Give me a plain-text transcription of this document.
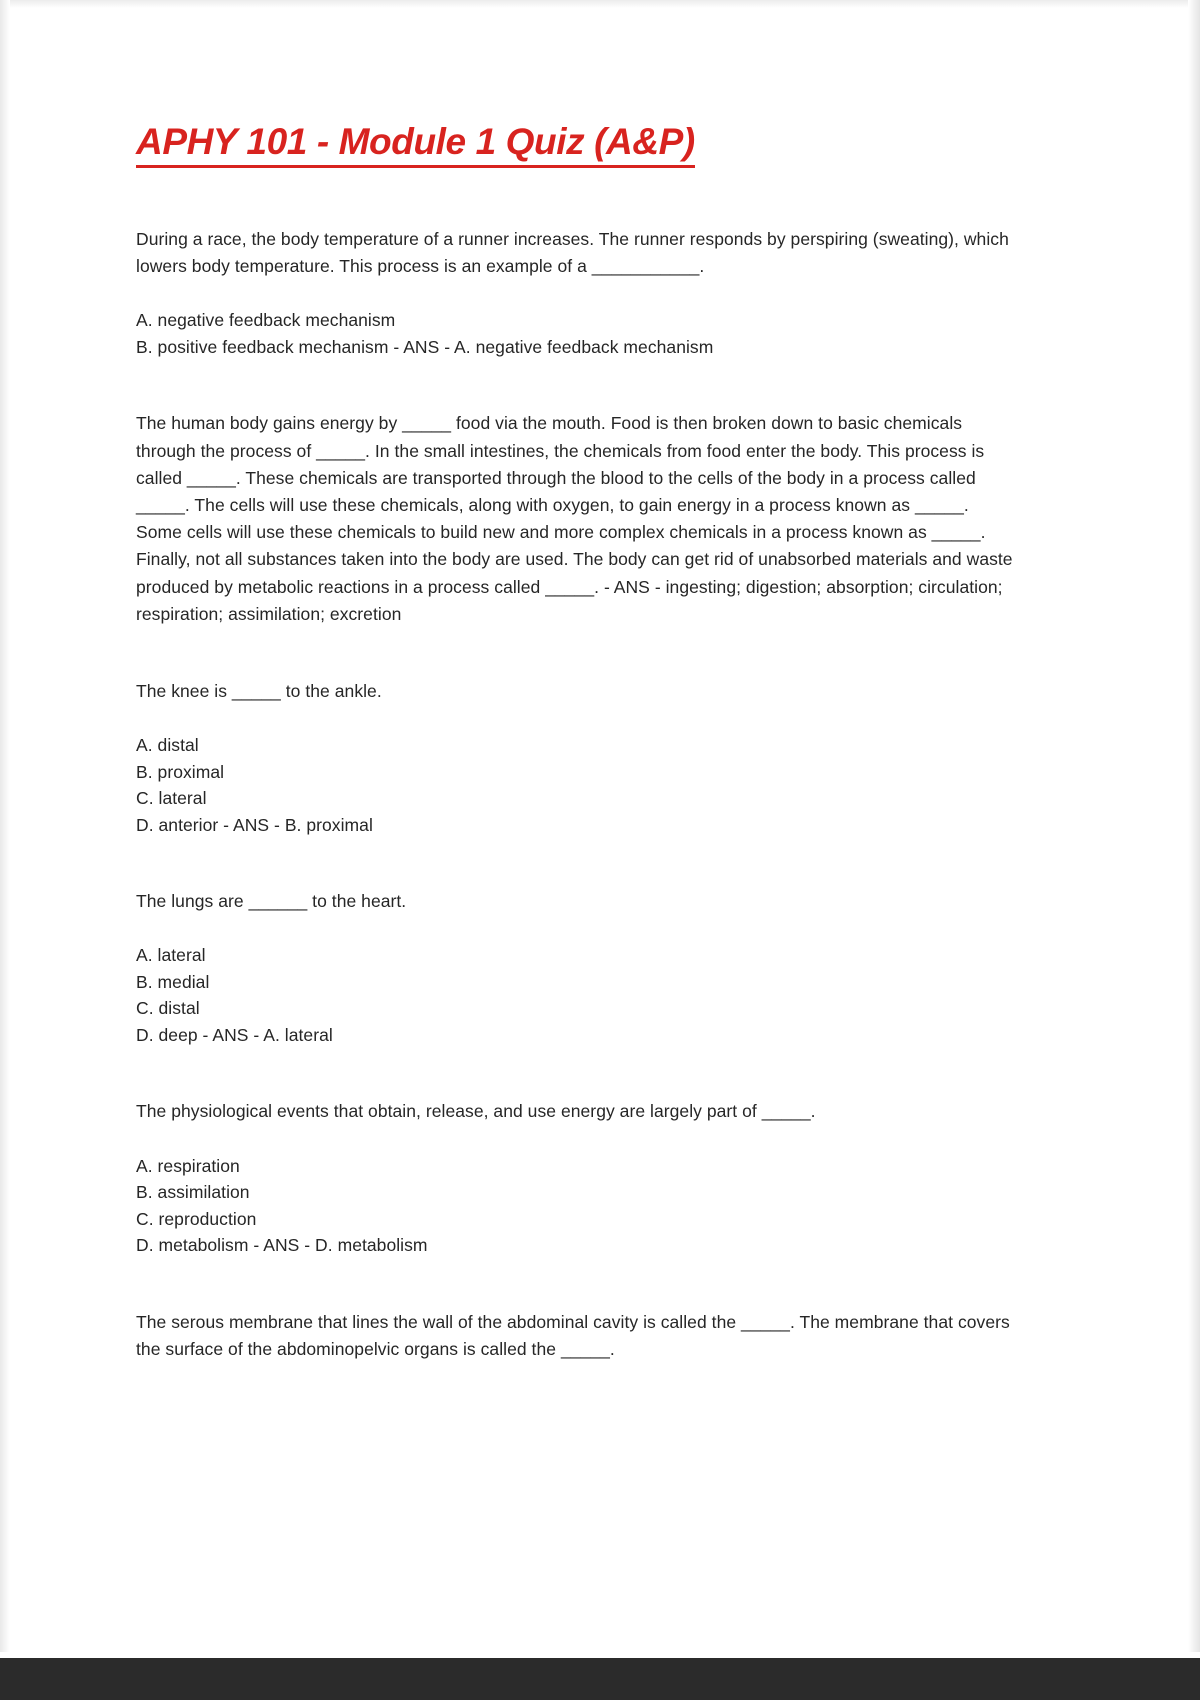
APHY 101 - Module 1 Quiz (A&P)

During a race, the body temperature of a runner increases. The runner responds by perspiring (sweating), which lowers body temperature. This process is an example of a ___________.

A. negative feedback mechanism
B. positive feedback mechanism - ANS - A. negative feedback mechanism

The human body gains energy by _____ food via the mouth. Food is then broken down to basic chemicals through the process of _____. In the small intestines, the chemicals from food enter the body. This process is called _____. These chemicals are transported through the blood to the cells of the body in a process called _____. The cells will use these chemicals, along with oxygen, to gain energy in a process known as _____. Some cells will use these chemicals to build new and more complex chemicals in a process known as _____. Finally, not all substances taken into the body are used. The body can get rid of unabsorbed materials and waste produced by metabolic reactions in a process called _____. - ANS - ingesting; digestion; absorption; circulation; respiration; assimilation; excretion

The knee is _____ to the ankle.

A. distal
B. proximal
C. lateral
D. anterior - ANS - B. proximal

The lungs are ______ to the heart.

A. lateral
B. medial
C. distal
D. deep - ANS - A. lateral

The physiological events that obtain, release, and use energy are largely part of _____.

A. respiration
B. assimilation
C. reproduction
D. metabolism - ANS - D. metabolism

The serous membrane that lines the wall of the abdominal cavity is called the _____. The membrane that covers the surface of the abdominopelvic organs is called the _____.
